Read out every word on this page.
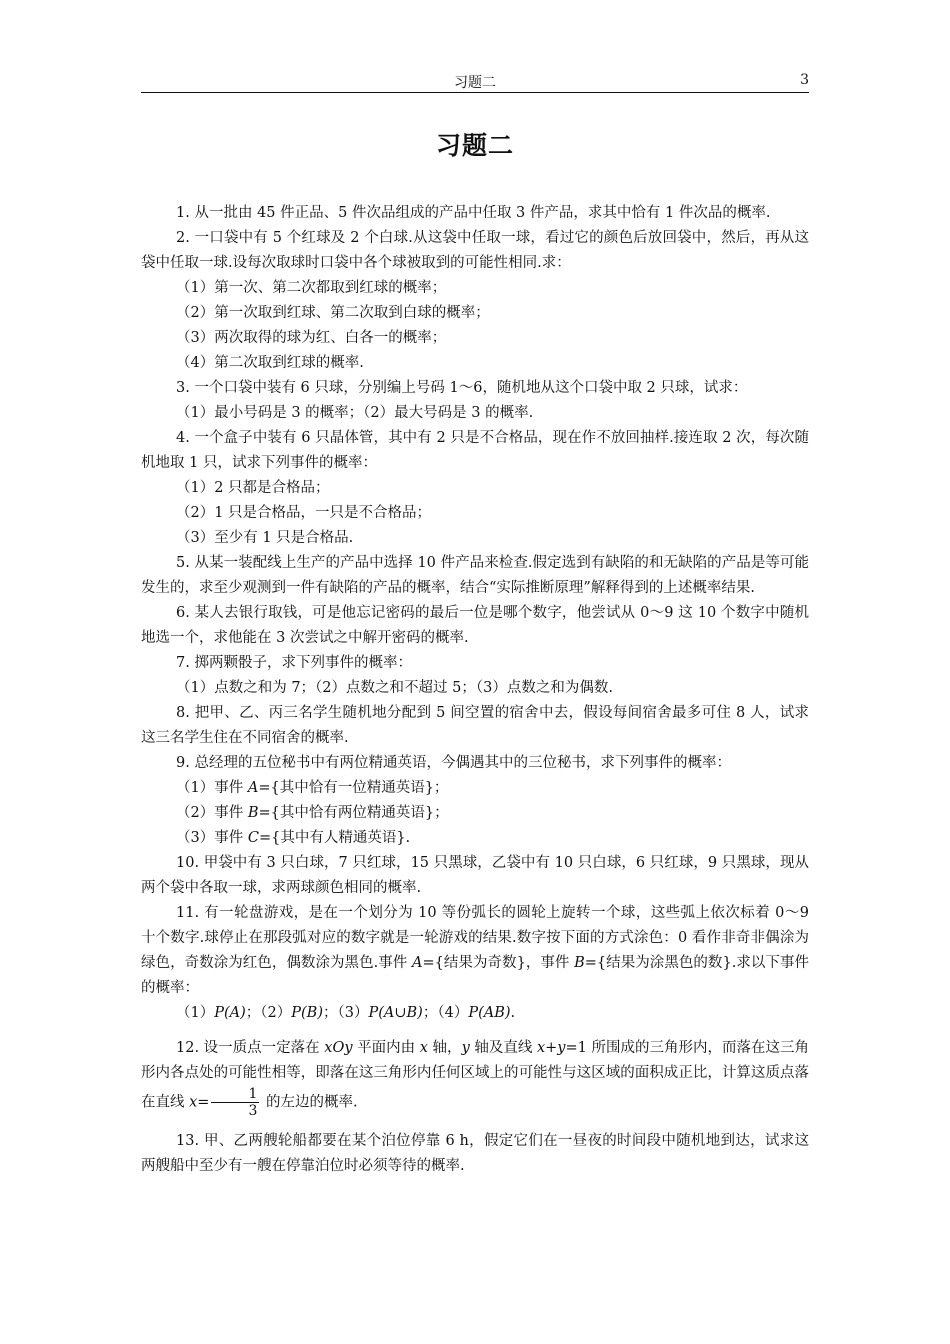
习题二	3
习题二

1. 从一批由 45 件正品、5 件次品组成的产品中任取 3 件产品，求其中恰有 1 件次品的概率.

2. 一口袋中有 5 个红球及 2 个白球.从这袋中任取一球，看过它的颜色后放回袋中，然后，再从这袋中任取一球.设每次取球时口袋中各个球被取到的可能性相同.求：

（1）第一次、第二次都取到红球的概率；

（2）第一次取到红球、第二次取到白球的概率；

（3）两次取得的球为红、白各一的概率；

（4）第二次取到红球的概率.

3. 一个口袋中装有 6 只球，分别编上号码 1～6，随机地从这个口袋中取 2 只球，试求：

（1）最小号码是 3 的概率；（2）最大号码是 3 的概率.

4. 一个盒子中装有 6 只晶体管，其中有 2 只是不合格品，现在作不放回抽样.接连取 2 次，每次随机地取 1 只，试求下列事件的概率：

（1）2 只都是合格品；

（2）1 只是合格品，一只是不合格品；

（3）至少有 1 只是合格品.

5. 从某一装配线上生产的产品中选择 10 件产品来检查.假定选到有缺陷的和无缺陷的产品是等可能发生的，求至少观测到一件有缺陷的产品的概率，结合“实际推断原理”解释得到的上述概率结果.

6. 某人去银行取钱，可是他忘记密码的最后一位是哪个数字，他尝试从 0～9 这 10 个数字中随机地选一个，求他能在 3 次尝试之中解开密码的概率.

7. 掷两颗骰子，求下列事件的概率：

（1）点数之和为 7；（2）点数之和不超过 5；（3）点数之和为偶数.

8. 把甲、乙、丙三名学生随机地分配到 5 间空置的宿舍中去，假设每间宿舍最多可住 8 人，试求这三名学生住在不同宿舍的概率.

9. 总经理的五位秘书中有两位精通英语，今偶遇其中的三位秘书，求下列事件的概率：

（1）事件 A={其中恰有一位精通英语}；

（2）事件 B={其中恰有两位精通英语}；

（3）事件 C={其中有人精通英语}.

10. 甲袋中有 3 只白球，7 只红球，15 只黑球，乙袋中有 10 只白球，6 只红球，9 只黑球，现从两个袋中各取一球，求两球颜色相同的概率.

11. 有一轮盘游戏，是在一个划分为 10 等份弧长的圆轮上旋转一个球，这些弧上依次标着 0～9 十个数字.球停止在那段弧对应的数字就是一轮游戏的结果.数字按下面的方式涂色：0 看作非奇非偶涂为绿色，奇数涂为红色，偶数涂为黑色.事件 A={结果为奇数}，事件 B={结果为涂黑色的数}.求以下事件的概率：

（1）P(A)；（2）P(B)；（3）P(A∪B)；（4）P(AB).

12. 设一质点一定落在 xOy 平面内由 x 轴，y 轴及直线 x+y=1 所围成的三角形内，而落在这三角形内各点处的可能性相等，即落在这三角形内任何区域上的可能性与这区域的面积成正比，计算这质点落在直线 $x= \frac{1}{3}$ 的左边的概率.

13. 甲、乙两艘轮船都要在某个泊位停靠 6 h，假定它们在一昼夜的时间段中随机地到达，试求这两艘船中至少有一艘在停靠泊位时必须等待的概率.
